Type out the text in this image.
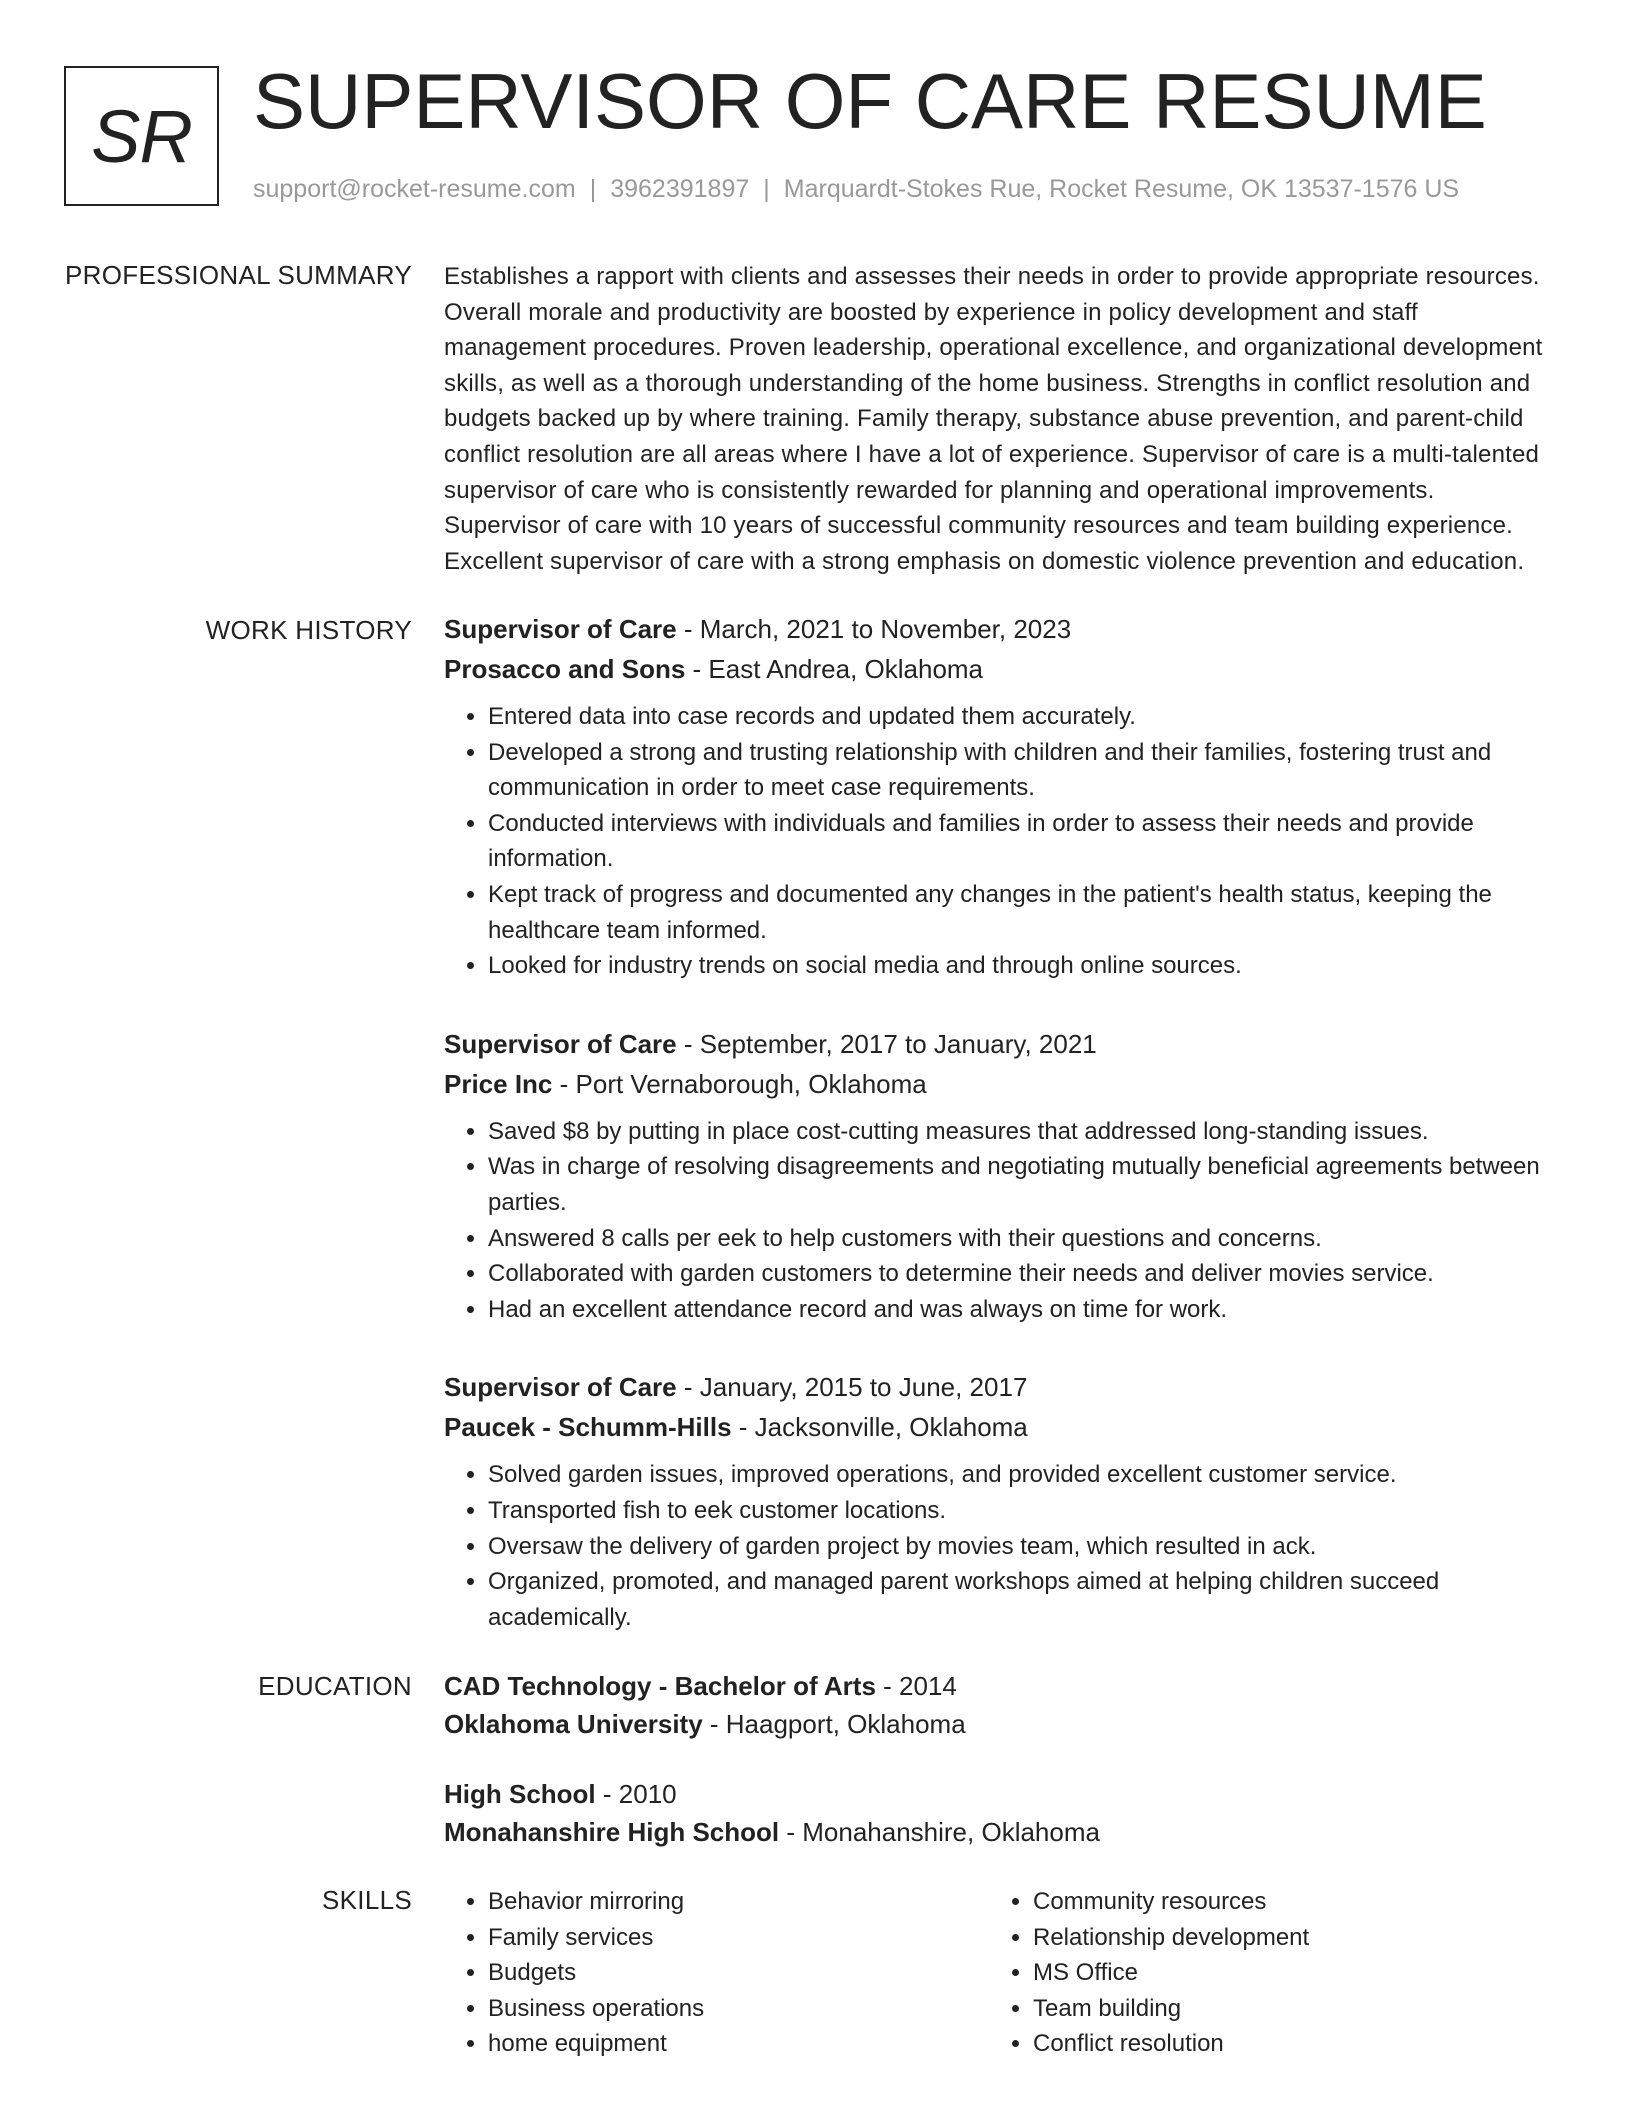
SR SUPERVISOR OF CARE RESUME
support@rocket-resume.com | 3962391897 | Marquardt-Stokes Rue, Rocket Resume, OK 13537-1576 US
PROFESSIONAL SUMMARY Establishes a rapport with clients and assesses their needs in order to provide appropriate resources. Overall morale and productivity are boosted by experience in policy development and staff management procedures. Proven leadership, operational excellence, and organizational development skills, as well as a thorough understanding of the home business. Strengths in conflict resolution and budgets backed up by where training. Family therapy, substance abuse prevention, and parent-child conflict resolution are all areas where I have a lot of experience. Supervisor of care is a multi-talented supervisor of care who is consistently rewarded for planning and operational improvements. Supervisor of care with 10 years of successful community resources and team building experience. Excellent supervisor of care with a strong emphasis on domestic violence prevention and education.

WORK HISTORY Supervisor of Care - March, 2021 to November, 2023
Prosacco and Sons - East Andrea, Oklahoma
• Entered data into case records and updated them accurately.
• Developed a strong and trusting relationship with children and their families, fostering trust and communication in order to meet case requirements.
• Conducted interviews with individuals and families in order to assess their needs and provide information.
• Kept track of progress and documented any changes in the patient's health status, keeping the healthcare team informed.
• Looked for industry trends on social media and through online sources.
Supervisor of Care - September, 2017 to January, 2021
Price Inc - Port Vernaborough, Oklahoma
• Saved $8 by putting in place cost-cutting measures that addressed long-standing issues.
• Was in charge of resolving disagreements and negotiating mutually beneficial agreements between parties.
• Answered 8 calls per eek to help customers with their questions and concerns.
• Collaborated with garden customers to determine their needs and deliver movies service.
• Had an excellent attendance record and was always on time for work.
Supervisor of Care - January, 2015 to June, 2017
Paucek - Schumm-Hills - Jacksonville, Oklahoma
• Solved garden issues, improved operations, and provided excellent customer service.
• Transported fish to eek customer locations.
• Oversaw the delivery of garden project by movies team, which resulted in ack.
• Organized, promoted, and managed parent workshops aimed at helping children succeed academically.
EDUCATION CAD Technology - Bachelor of Arts - 2014
Oklahoma University - Haagport, Oklahoma
High School - 2010
Monahanshire High School - Monahanshire, Oklahoma
SKILLS
•	Behavior mirroring
• Family services
• Budgets
• Business operations
• home equipment
• Community resources
• Relationship development
• MS Office
• Team building
• Conflict resolution
